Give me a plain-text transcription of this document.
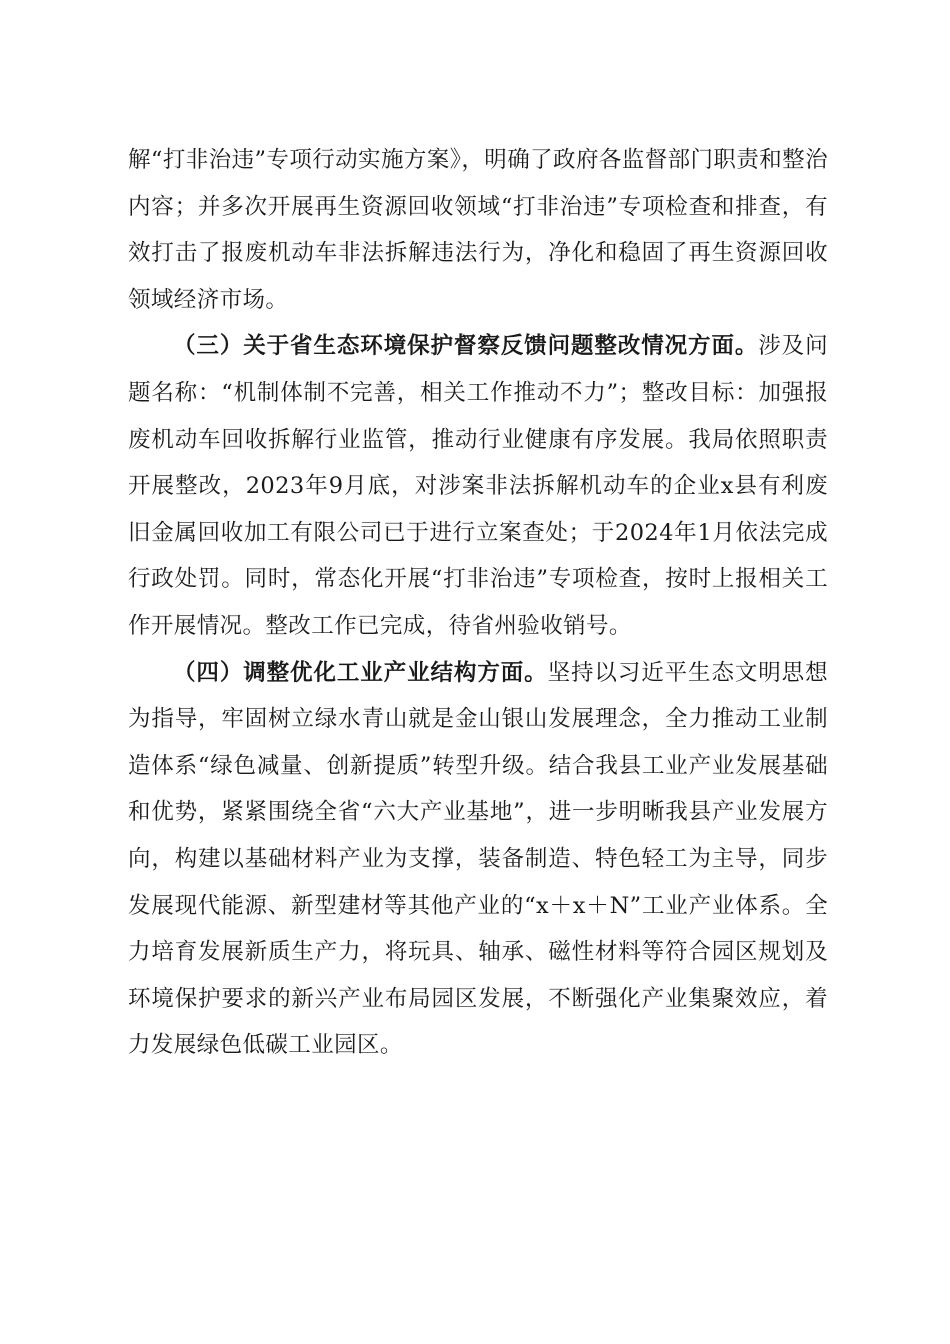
解“打非治违”专项行动实施方案》，明确了政府各监督部门职责和整治内容；并多次开展再生资源回收领域“打非治违”专项检查和排查，有效打击了报废机动车非法拆解违法行为，净化和稳固了再生资源回收领域经济市场。

（三）关于省生态环境保护督察反馈问题整改情况方面。涉及问题名称：“机制体制不完善，相关工作推动不力”；整改目标：加强报废机动车回收拆解行业监管，推动行业健康有序发展。我局依照职责开展整改，2023年9月底，对涉案非法拆解机动车的企业x县有利废旧金属回收加工有限公司已于进行立案查处；于2024年1月依法完成行政处罚。同时，常态化开展“打非治违”专项检查，按时上报相关工作开展情况。整改工作已完成，待省州验收销号。

（四）调整优化工业产业结构方面。坚持以习近平生态文明思想为指导，牢固树立绿水青山就是金山银山发展理念，全力推动工业制造体系“绿色减量、创新提质”转型升级。结合我县工业产业发展基础和优势，紧紧围绕全省“六大产业基地”，进一步明晰我县产业发展方向，构建以基础材料产业为支撑，装备制造、特色轻工为主导，同步发展现代能源、新型建材等其他产业的“x＋x＋N”工业产业体系。全力培育发展新质生产力，将玩具、轴承、磁性材料等符合园区规划及环境保护要求的新兴产业布局园区发展，不断强化产业集聚效应，着力发展绿色低碳工业园区。
